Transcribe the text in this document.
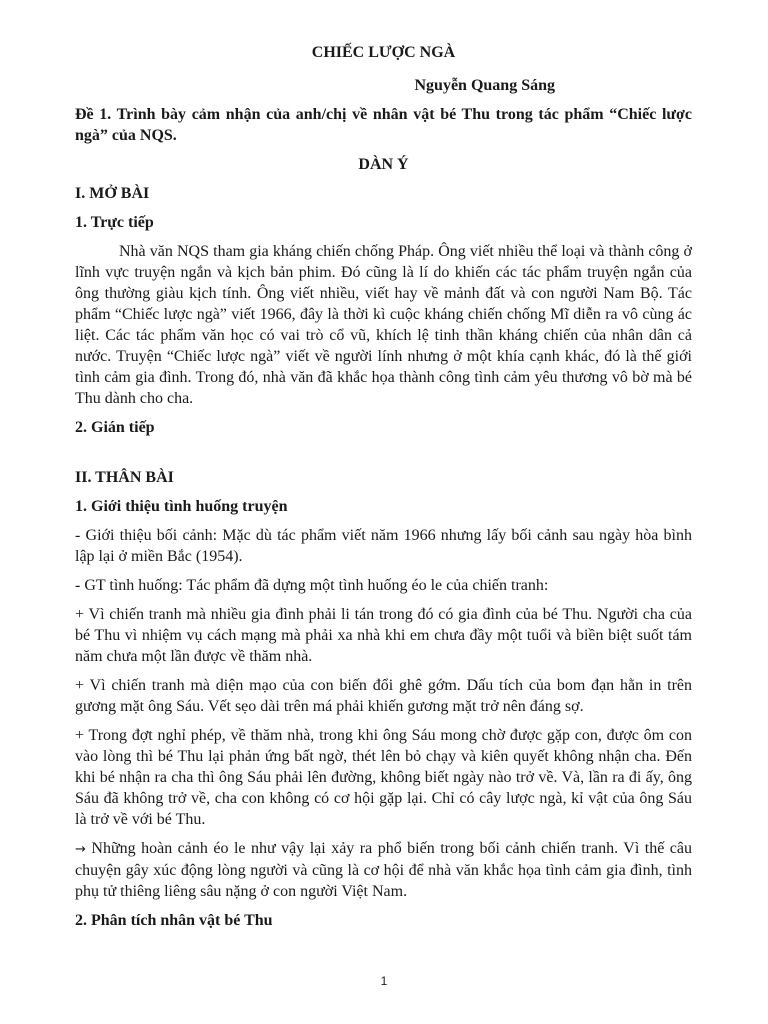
CHIẾC LƯỢC NGÀ
Nguyễn Quang Sáng
Đề 1. Trình bày cảm nhận của anh/chị về nhân vật bé Thu trong tác phẩm “Chiếc lược ngà” của NQS.
DÀN Ý
I. MỞ BÀI
1. Trực tiếp
Nhà văn NQS tham gia kháng chiến chống Pháp. Ông viết nhiều thể loại và thành công ở lĩnh vực truyện ngắn và kịch bản phim. Đó cũng là lí do khiến các tác phẩm truyện ngắn của ông thường giàu kịch tính. Ông viết nhiều, viết hay về mảnh đất và con người Nam Bộ. Tác phẩm “Chiếc lược ngà” viết 1966, đây là thời kì cuộc kháng chiến chống Mĩ diễn ra vô cùng ác liệt. Các tác phẩm văn học có vai trò cổ vũ, khích lệ tinh thần kháng chiến của nhân dân cả nước. Truyện “Chiếc lược ngà” viết về người lính nhưng ở một khía cạnh khác, đó là thế giới tình cảm gia đình. Trong đó, nhà văn đã khắc họa thành công tình cảm yêu thương vô bờ mà bé Thu dành cho cha.
2. Gián tiếp
II. THÂN BÀI
1. Giới thiệu tình huống truyện
- Giới thiệu bối cảnh: Mặc dù tác phẩm viết năm 1966 nhưng lấy bối cảnh sau ngày hòa bình lập lại ở miền Bắc (1954).
- GT tình huống: Tác phẩm đã dựng một tình huống éo le của chiến tranh:
+ Vì chiến tranh mà nhiều gia đình phải li tán trong đó có gia đình của bé Thu. Người cha của bé Thu vì nhiệm vụ cách mạng mà phải xa nhà khi em chưa đầy một tuổi và biền biệt suốt tám năm chưa một lần được về thăm nhà.
+ Vì chiến tranh mà diện mạo của con biến đổi ghê gớm. Dấu tích của bom đạn hằn in trên gương mặt ông Sáu. Vết sẹo dài trên má phải khiến gương mặt trở nên đáng sợ.
+ Trong đợt nghỉ phép, về thăm nhà, trong khi ông Sáu mong chờ được gặp con, được ôm con vào lòng thì bé Thu lại phản ứng bất ngờ, thét lên bỏ chạy và kiên quyết không nhận cha. Đến khi bé nhận ra cha thì ông Sáu phải lên đường, không biết ngày nào trở về. Và, lần ra đi ấy, ông Sáu đã không trở về, cha con không có cơ hội gặp lại. Chỉ có cây lược ngà, kỉ vật của ông Sáu là trở về với bé Thu.
→ Những hoàn cảnh éo le như vậy lại xảy ra phổ biến trong bối cảnh chiến tranh. Vì thế câu chuyện gây xúc động lòng người và cũng là cơ hội để nhà văn khắc họa tình cảm gia đình, tình phụ tử thiêng liêng sâu nặng ở con người Việt Nam.
2. Phân tích nhân vật bé Thu
1
